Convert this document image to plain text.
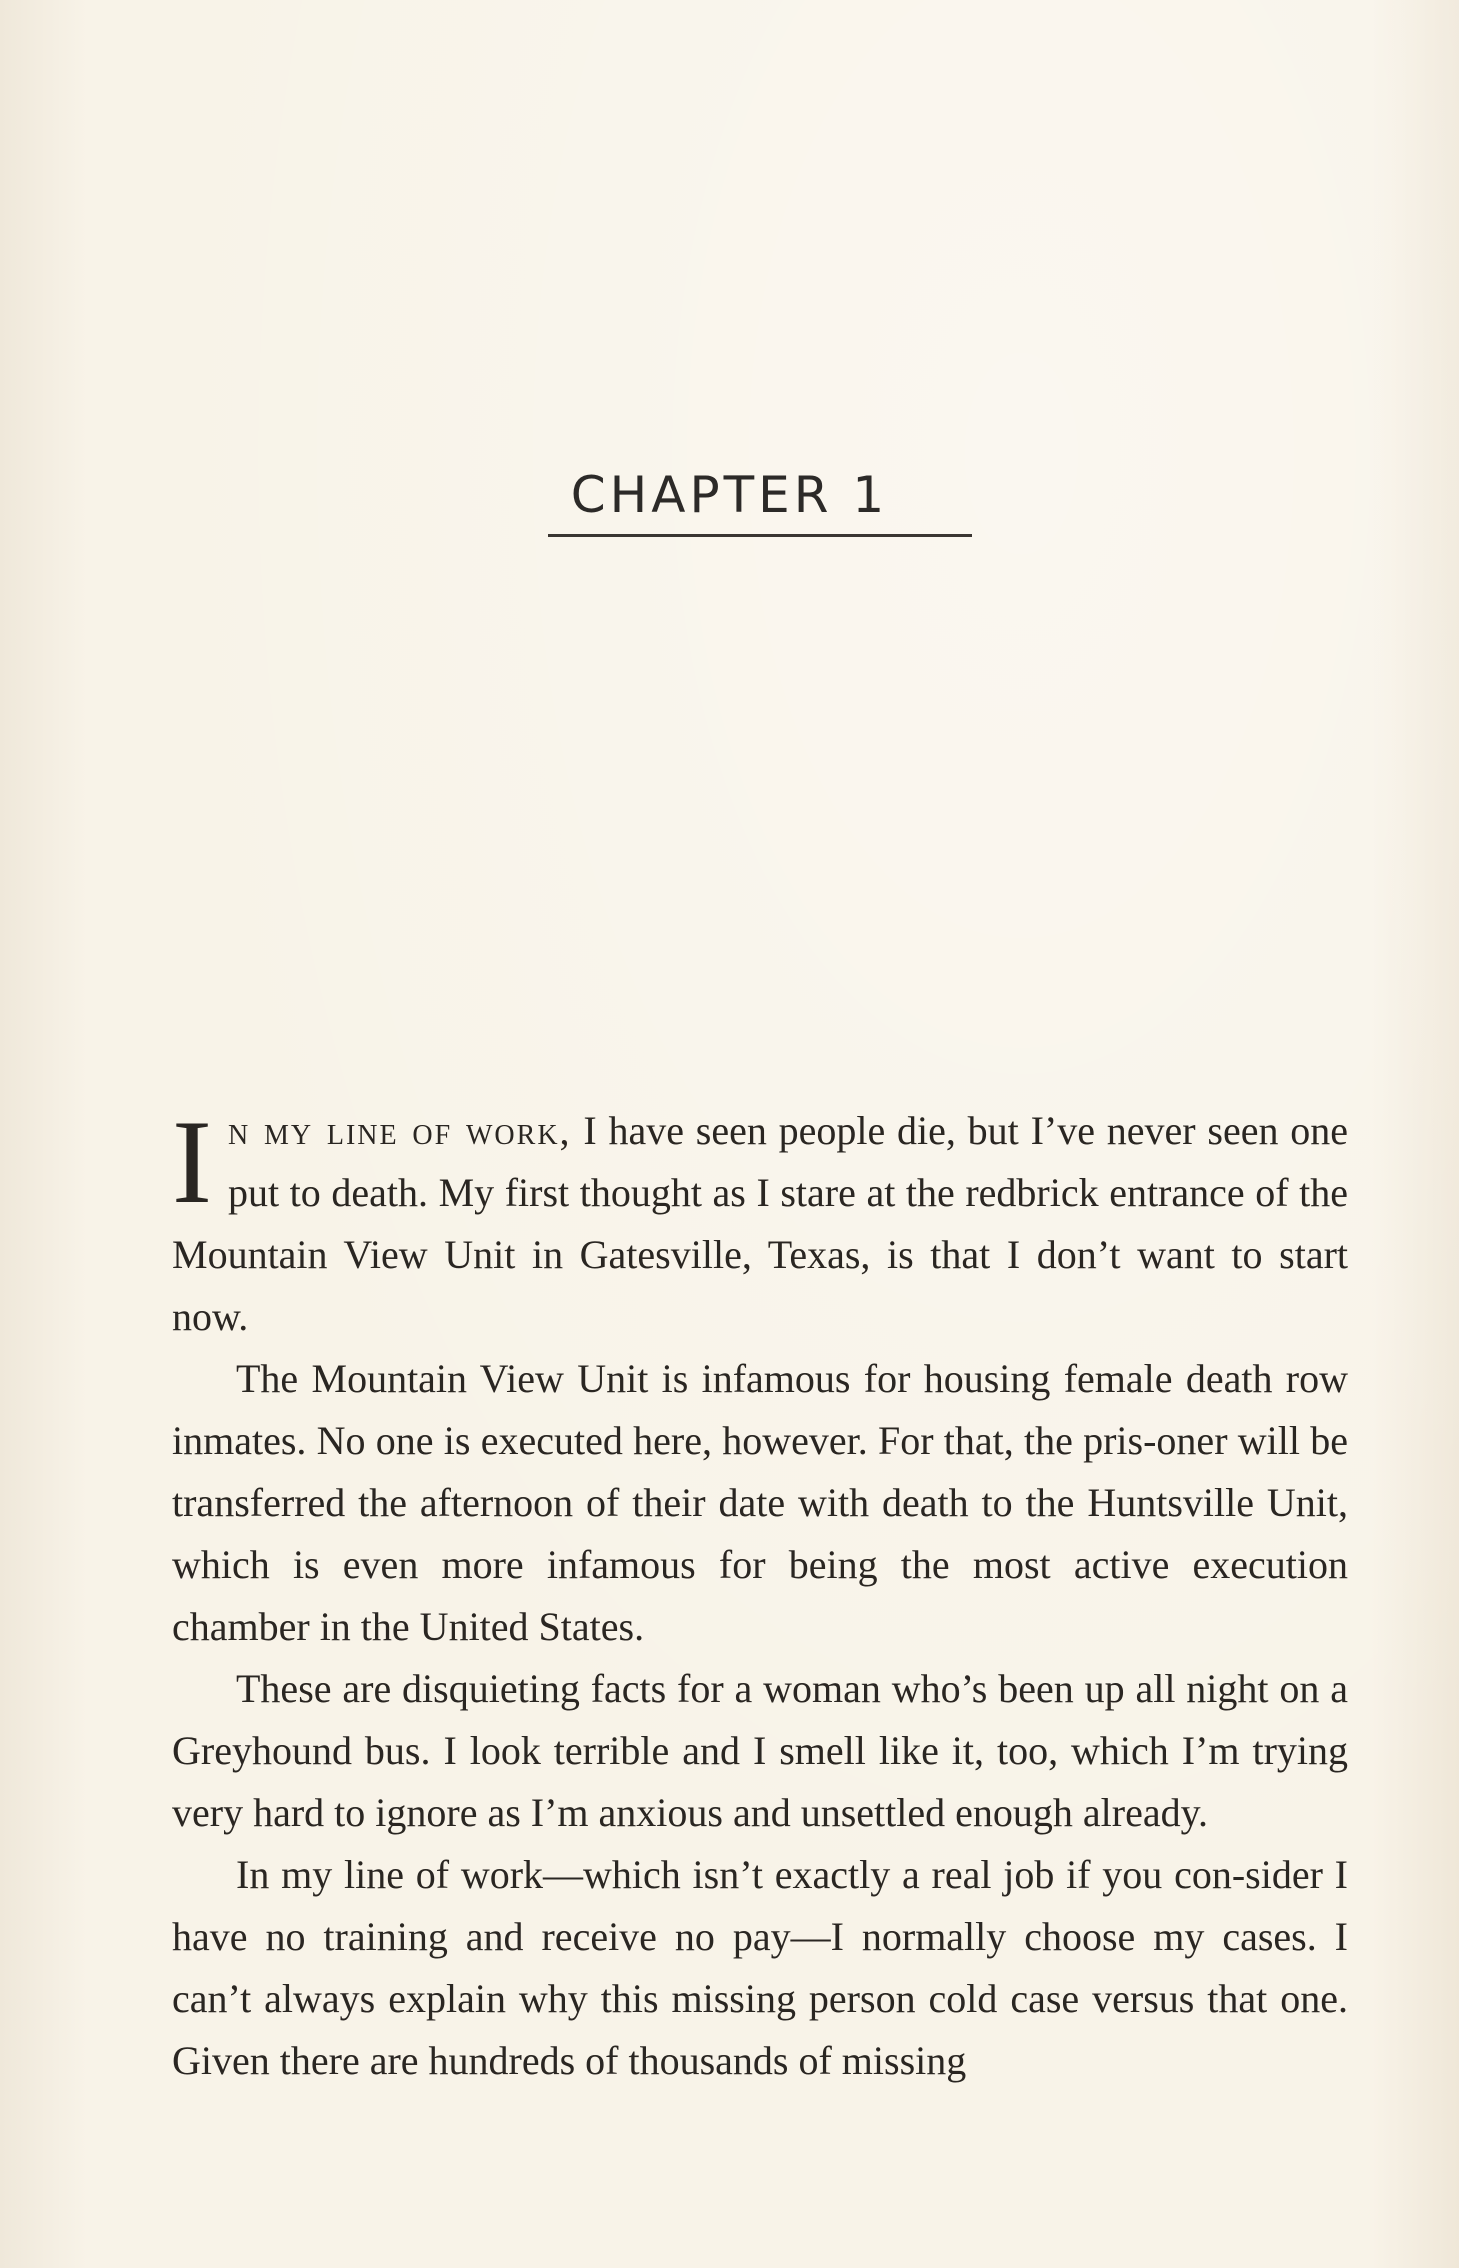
CHAPTER 1

In my line of work, I have seen people die, but I’ve never seen one put to death. My first thought as I stare at the redbrick entrance of the Mountain View Unit in Gatesville, Texas, is that I don’t want to start now.

The Mountain View Unit is infamous for housing female death row inmates. No one is executed here, however. For that, the pris-oner will be transferred the afternoon of their date with death to the Huntsville Unit, which is even more infamous for being the most active execution chamber in the United States.

These are disquieting facts for a woman who’s been up all night on a Greyhound bus. I look terrible and I smell like it, too, which I’m trying very hard to ignore as I’m anxious and unsettled enough already.

In my line of work—which isn’t exactly a real job if you con-sider I have no training and receive no pay—I normally choose my cases. I can’t always explain why this missing person cold case versus that one. Given there are hundreds of thousands of missing
